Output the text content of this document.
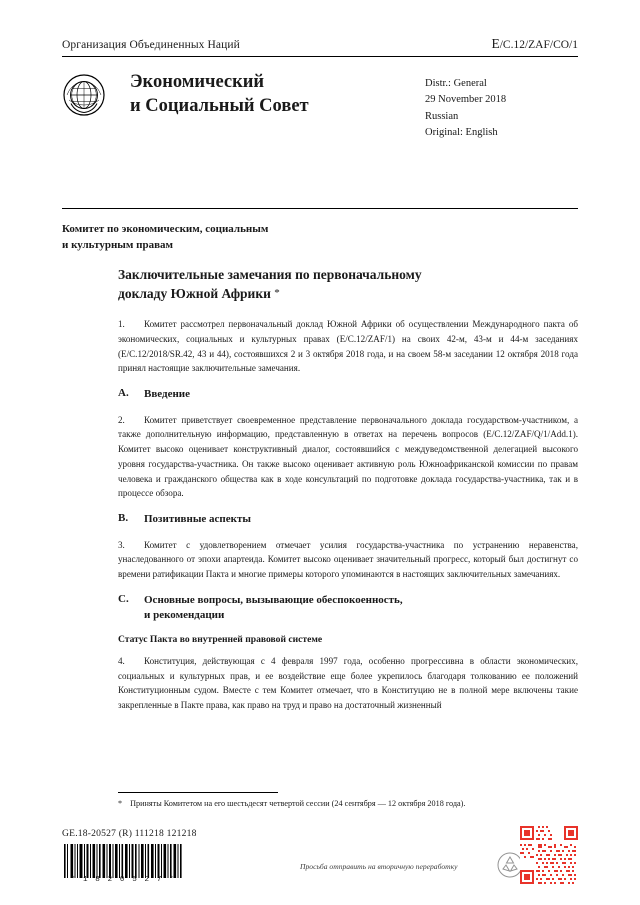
Организация Объединенных Наций	E/C.12/ZAF/CO/1
Экономический
и Социальный Совет
Distr.: General
29 November 2018
Russian
Original: English
Комитет по экономическим, социальным
и культурным правам
Заключительные замечания по первоначальному
докладу Южной Африки *

1. Комитет рассмотрел первоначальный доклад Южной Африки об осуществлении Международного пакта об экономических, социальных и культурных правах (E/C.12/ZAF/1) на своих 42-м, 43-м и 44-м заседаниях (E/C.12/2018/SR.42, 43 и 44), состоявшихся 2 и 3 октября 2018 года, и на своем 58-м заседании 12 октября 2018 года принял настоящие заключительные замечания.

A.	Введение

2. Комитет приветствует своевременное представление первоначального доклада государством-участником, а также дополнительную информацию, представленную в ответах на перечень вопросов (E/C.12/ZAF/Q/1/Add.1). Комитет высоко оценивает конструктивный диалог, состоявшийся с междуведомственной делегацией высокого уровня государства-участника. Он также высоко оценивает активную роль Южноафриканской комиссии по правам человека и гражданского общества как в ходе консультаций по подготовке доклада государства-участника, так и в процессе обзора.

B.	Позитивные аспекты

3. Комитет с удовлетворением отмечает усилия государства-участника по устранению неравенства, унаследованного от эпохи апартеида. Комитет высоко оценивает значительный прогресс, который был достигнут со времени ратификации Пакта и многие примеры которого упоминаются в настоящих заключительных замечаниях.

C.	Основные вопросы, вызывающие обеспокоенность,
и рекомендации
Статус Пакта во внутренней правовой системе

4. Конституция, действующая с 4 февраля 1997 года, особенно прогрессивна в области экономических, социальных и культурных прав, и ее воздействие еще более укрепилось благодаря толкованию ее положений Конституционным судом. Вместе с тем Комитет отмечает, что в Конституцию не в полной мере включены такие закрепленные в Пакте права, как право на труд и право на достаточный жизненный

* Приняты Комитетом на его шестьдесят четвертой сессии (24 сентября — 12 октября 2018 года).
GE.18-20527 (R) 111218 121218
* 1 8 2 0 5 2 7 *
Просьба отправить на вторичную переработку
